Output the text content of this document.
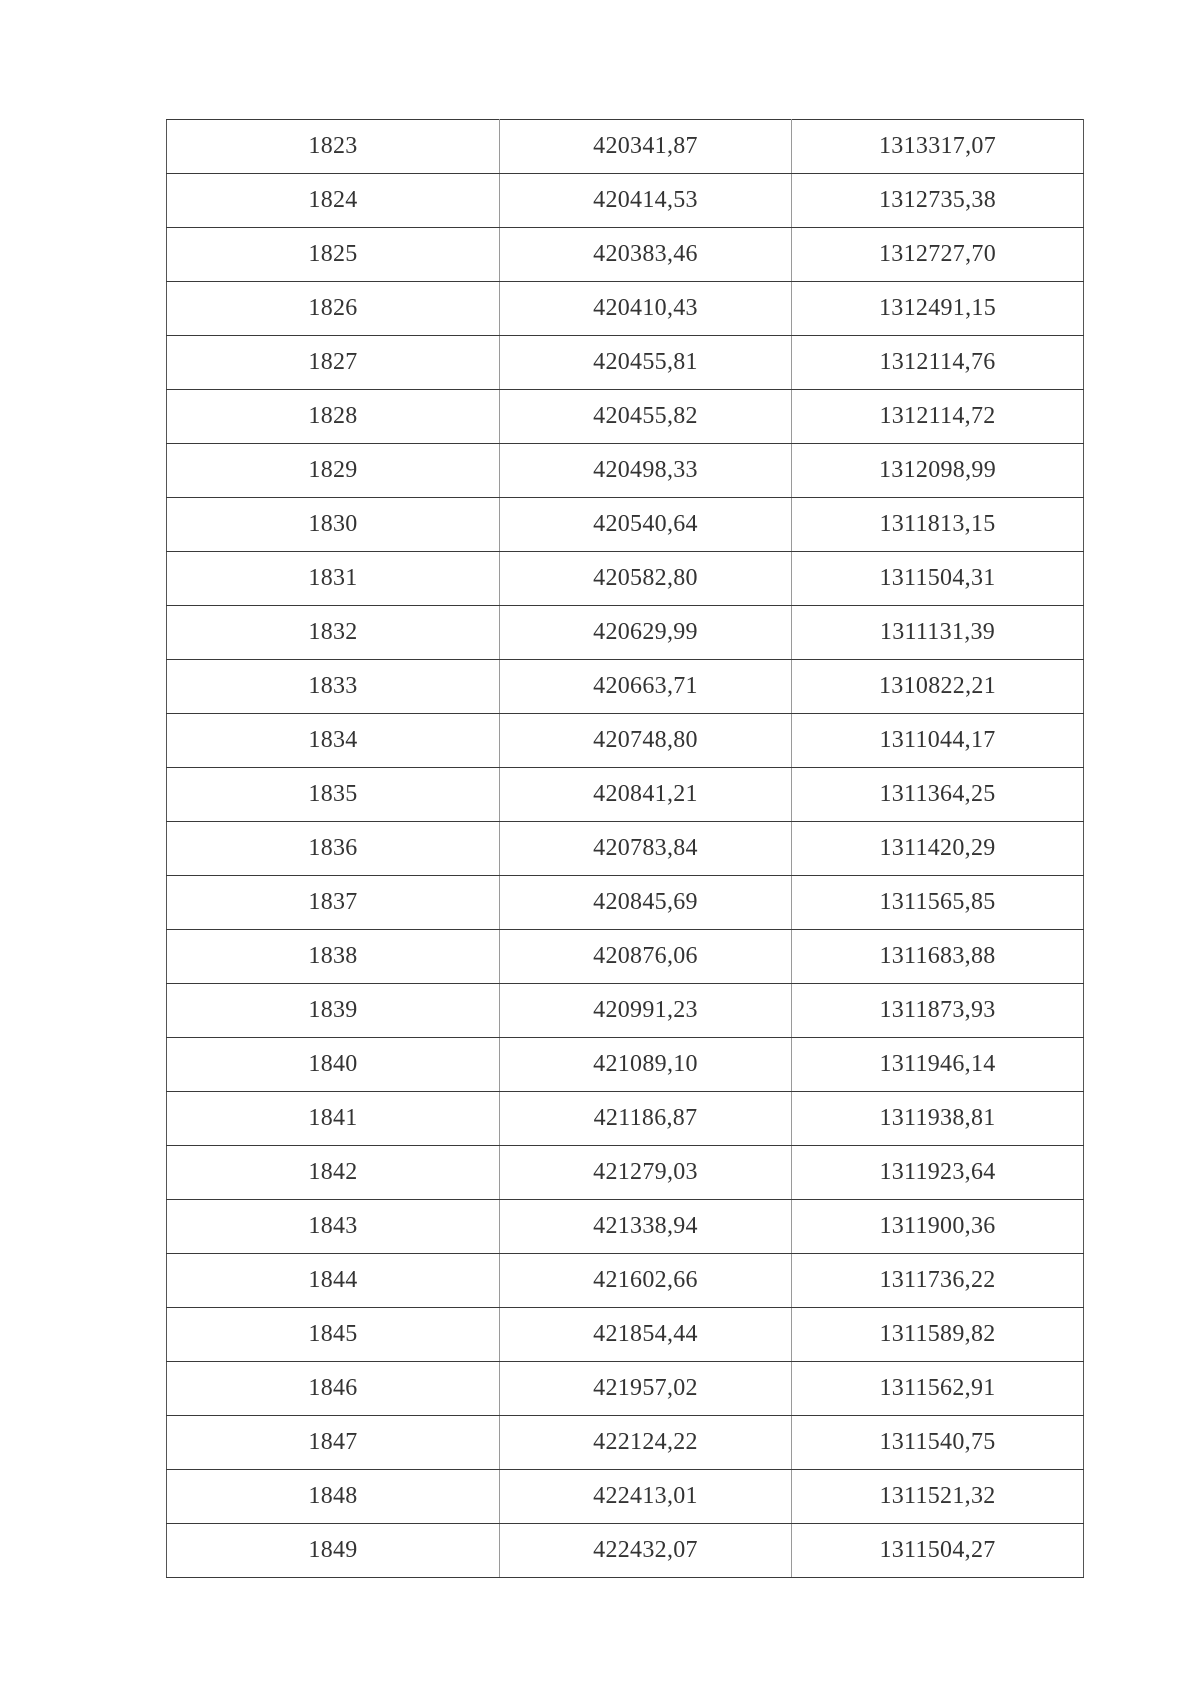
1823	420341,87	1313317,07
1824	420414,53	1312735,38
1825	420383,46	1312727,70
1826	420410,43	1312491,15
1827	420455,81	1312114,76
1828	420455,82	1312114,72
1829	420498,33	1312098,99
1830	420540,64	1311813,15
1831	420582,80	1311504,31
1832	420629,99	1311131,39
1833	420663,71	1310822,21
1834	420748,80	1311044,17
1835	420841,21	1311364,25
1836	420783,84	1311420,29
1837	420845,69	1311565,85
1838	420876,06	1311683,88
1839	420991,23	1311873,93
1840	421089,10	1311946,14
1841	421186,87	1311938,81
1842	421279,03	1311923,64
1843	421338,94	1311900,36
1844	421602,66	1311736,22
1845	421854,44	1311589,82
1846	421957,02	1311562,91
1847	422124,22	1311540,75
1848	422413,01	1311521,32
1849	422432,07	1311504,27
